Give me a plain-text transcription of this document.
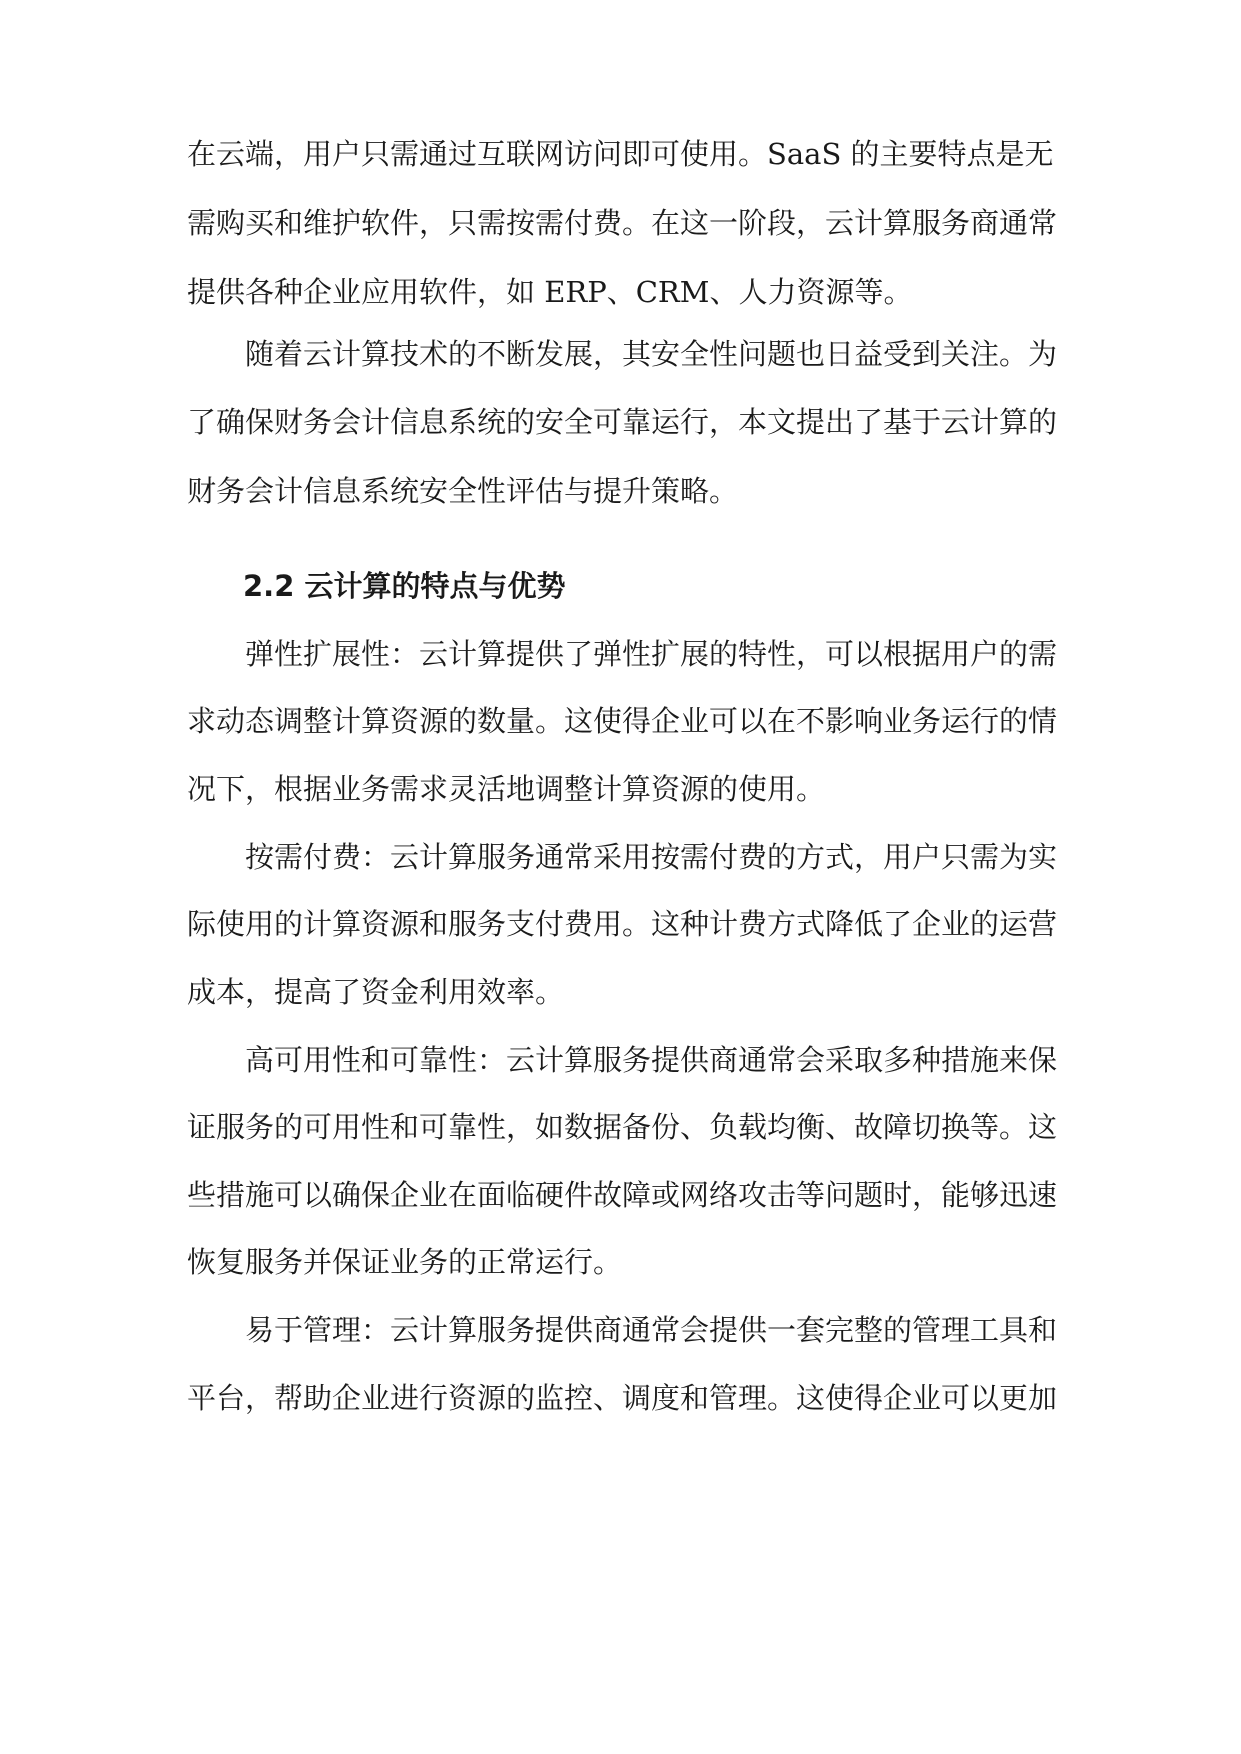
在云端，用户只需通过互联网访问即可使用。SaaS 的主要特点是无
需购买和维护软件，只需按需付费。在这一阶段，云计算服务商通常
提供各种企业应用软件，如 ERP、CRM、人力资源等。
随着云计算技术的不断发展，其安全性问题也日益受到关注。为
了确保财务会计信息系统的安全可靠运行，本文提出了基于云计算的
财务会计信息系统安全性评估与提升策略。
2.2 云计算的特点与优势
弹性扩展性：云计算提供了弹性扩展的特性，可以根据用户的需
求动态调整计算资源的数量。这使得企业可以在不影响业务运行的情
况下，根据业务需求灵活地调整计算资源的使用。
按需付费：云计算服务通常采用按需付费的方式，用户只需为实
际使用的计算资源和服务支付费用。这种计费方式降低了企业的运营
成本，提高了资金利用效率。
高可用性和可靠性：云计算服务提供商通常会采取多种措施来保
证服务的可用性和可靠性，如数据备份、负载均衡、故障切换等。这
些措施可以确保企业在面临硬件故障或网络攻击等问题时，能够迅速
恢复服务并保证业务的正常运行。
易于管理：云计算服务提供商通常会提供一套完整的管理工具和
平台，帮助企业进行资源的监控、调度和管理。这使得企业可以更加
